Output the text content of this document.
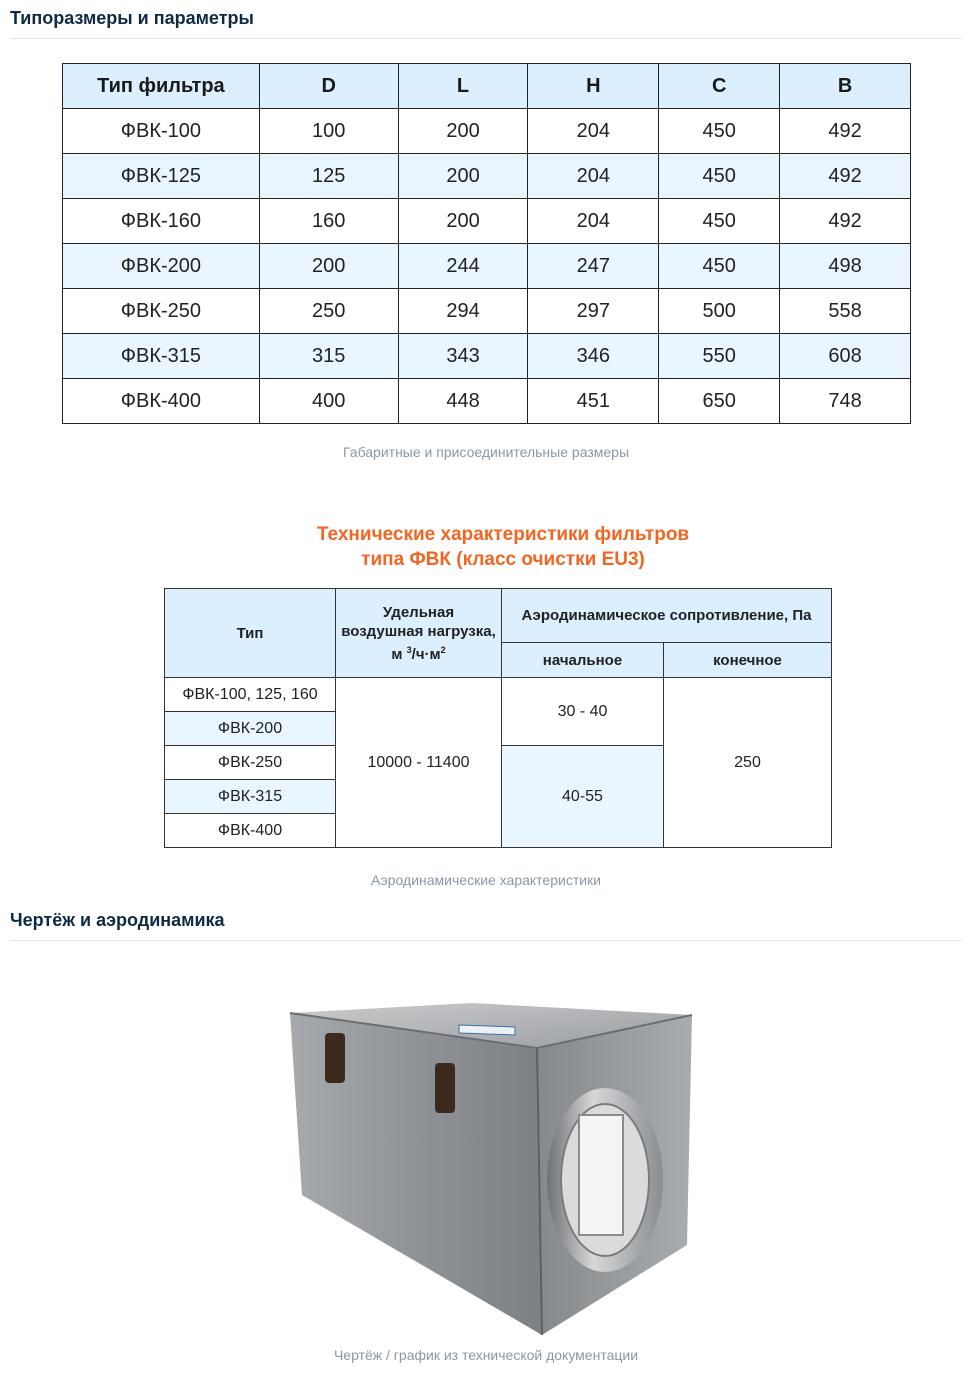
Типоразмеры и параметры
Тип фильтра	D	L	H	C	B
ФВК-100	100	200	204	450	492
ФВК-125	125	200	204	450	492
ФВК-160	160	200	204	450	492
ФВК-200	200	244	247	450	498
ФВК-250	250	294	297	500	558
ФВК-315	315	343	346	550	608
ФВК-400	400	448	451	650	748
Габаритные и присоединительные размеры
Технические характеристики фильтров
типа ФВК (класс очистки EU3)
Тип	Удельная воздушная нагрузка, м $^3/ч\cdot м^2$	Аэродинамическое сопротивление, Па	
		начальное	конечное
ФВК-100, 125, 160	10000 - 11400	30 - 40	250
ФВК-200			
ФВК-250		40-55	
ФВК-315			
ФВК-400			
Аэродинамические характеристики
Чертёж и аэродинамика
Чертёж / график из технической документации
